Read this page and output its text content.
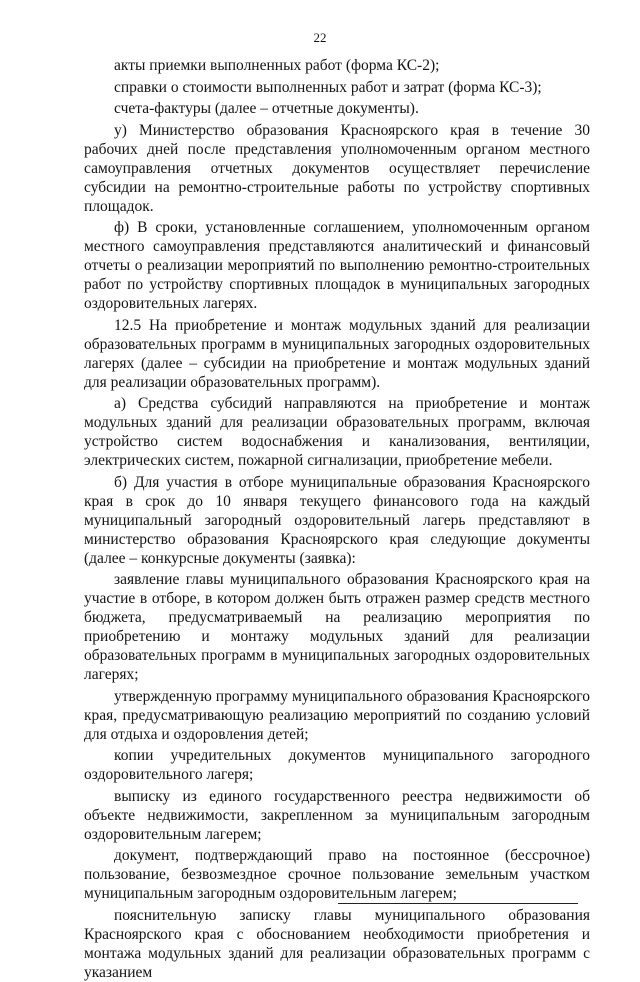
22

акты приемки выполненных работ (форма КС-2);

справки о стоимости выполненных работ и затрат (форма КС-3);

счета-фактуры (далее – отчетные документы).

у) Министерство образования Красноярского края в течение 30 рабочих дней после представления уполномоченным органом местного самоуправления отчетных документов осуществляет перечисление субсидии на ремонтно-строительные работы по устройству спортивных площадок.

ф) В сроки, установленные соглашением, уполномоченным органом местного самоуправления представляются аналитический и финансовый отчеты о реализации мероприятий по выполнению ремонтно-строительных работ по устройству спортивных площадок в муниципальных загородных оздоровительных лагерях.

12.5 На приобретение и монтаж модульных зданий для реализации образовательных программ в муниципальных загородных оздоровительных лагерях (далее – субсидии на приобретение и монтаж модульных зданий для реализации образовательных программ).

а) Средства субсидий направляются на приобретение и монтаж модульных зданий для реализации образовательных программ, включая устройство систем водоснабжения и канализования, вентиляции, электрических систем, пожарной сигнализации, приобретение мебели.

б) Для участия в отборе муниципальные образования Красноярского края в срок до 10 января текущего финансового года на каждый муниципальный загородный оздоровительный лагерь представляют в министерство образования Красноярского края следующие документы (далее – конкурсные документы (заявка):

заявление главы муниципального образования Красноярского края на участие в отборе, в котором должен быть отражен размер средств местного бюджета, предусматриваемый на реализацию мероприятия по приобретению и монтажу модульных зданий для реализации образовательных программ в муниципальных загородных оздоровительных лагерях;

утвержденную программу муниципального образования Красноярского края, предусматривающую реализацию мероприятий по созданию условий для отдыха и оздоровления детей;

копии учредительных документов муниципального загородного оздоровительного лагеря;

выписку из единого государственного реестра недвижимости об объекте недвижимости, закрепленном за муниципальным загородным оздоровительным лагерем;

документ, подтверждающий право на постоянное (бессрочное) пользование, безвозмездное срочное пользование земельным участком муниципальным загородным оздоровительным лагерем;

пояснительную записку главы муниципального образования Красноярского края с обоснованием необходимости приобретения и монтажа модульных зданий для реализации образовательных программ с указанием
